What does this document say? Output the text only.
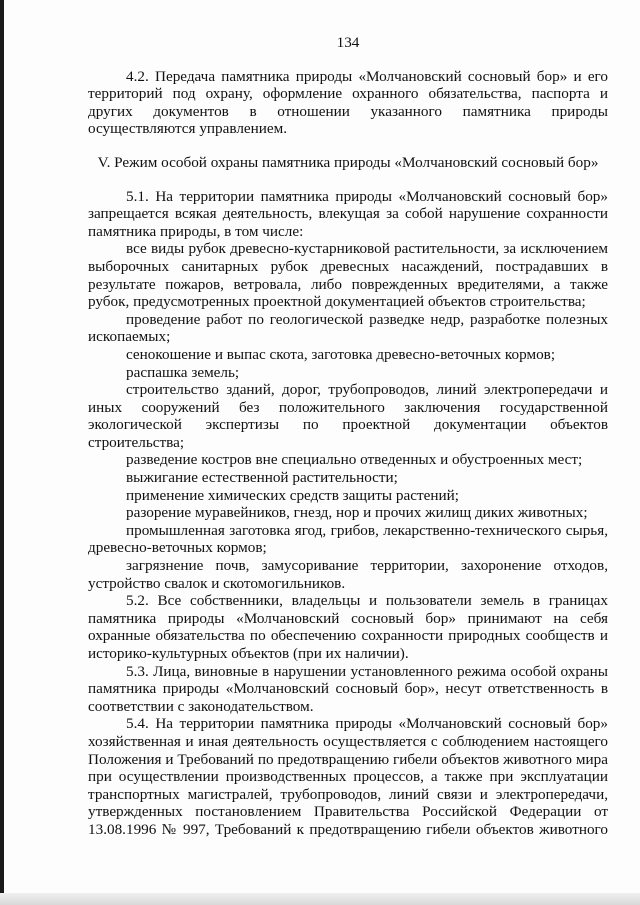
134

4.2. Передача памятника природы «Молчановский сосновый бор» и его

территорий под охрану, оформление охранного обязательства, паспорта и

других документов в отношении указанного памятника природы

осуществляются управлением.

V. Режим особой охраны памятника природы «Молчановский сосновый бор»

5.1. На территории памятника природы «Молчановский сосновый бор»

запрещается всякая деятельность, влекущая за собой нарушение сохранности

памятника природы, в том числе:

все виды рубок древесно-кустарниковой растительности, за исключением

выборочных санитарных рубок древесных насаждений, пострадавших в

результате пожаров, ветровала, либо поврежденных вредителями, а также

рубок, предусмотренных проектной документацией объектов строительства;

проведение работ по геологической разведке недр, разработке полезных

ископаемых;

сенокошение и выпас скота, заготовка древесно-веточных кормов;

распашка земель;

строительство зданий, дорог, трубопроводов, линий электропередачи и

иных сооружений без положительного заключения государственной

экологической экспертизы по проектной документации объектов

строительства;

разведение костров вне специально отведенных и обустроенных мест;

выжигание естественной растительности;

применение химических средств защиты растений;

разорение муравейников, гнезд, нор и прочих жилищ диких животных;

промышленная заготовка ягод, грибов, лекарственно-технического сырья,

древесно-веточных кормов;

загрязнение почв, замусоривание территории, захоронение отходов,

устройство свалок и скотомогильников.

5.2. Все собственники, владельцы и пользователи земель в границах

памятника природы «Молчановский сосновый бор» принимают на себя

охранные обязательства по обеспечению сохранности природных сообществ и

историко-культурных объектов (при их наличии).

5.3. Лица, виновные в нарушении установленного режима особой охраны

памятника природы «Молчановский сосновый бор», несут ответственность в

соответствии с законодательством.

5.4. На территории памятника природы «Молчановский сосновый бор»

хозяйственная и иная деятельность осуществляется с соблюдением настоящего

Положения и Требований по предотвращению гибели объектов животного мира

при осуществлении производственных процессов, а также при эксплуатации

транспортных магистралей, трубопроводов, линий связи и электропередачи,

утвержденных постановлением Правительства Российской Федерации от

13.08.1996 № 997, Требований к предотвращению гибели объектов животного
